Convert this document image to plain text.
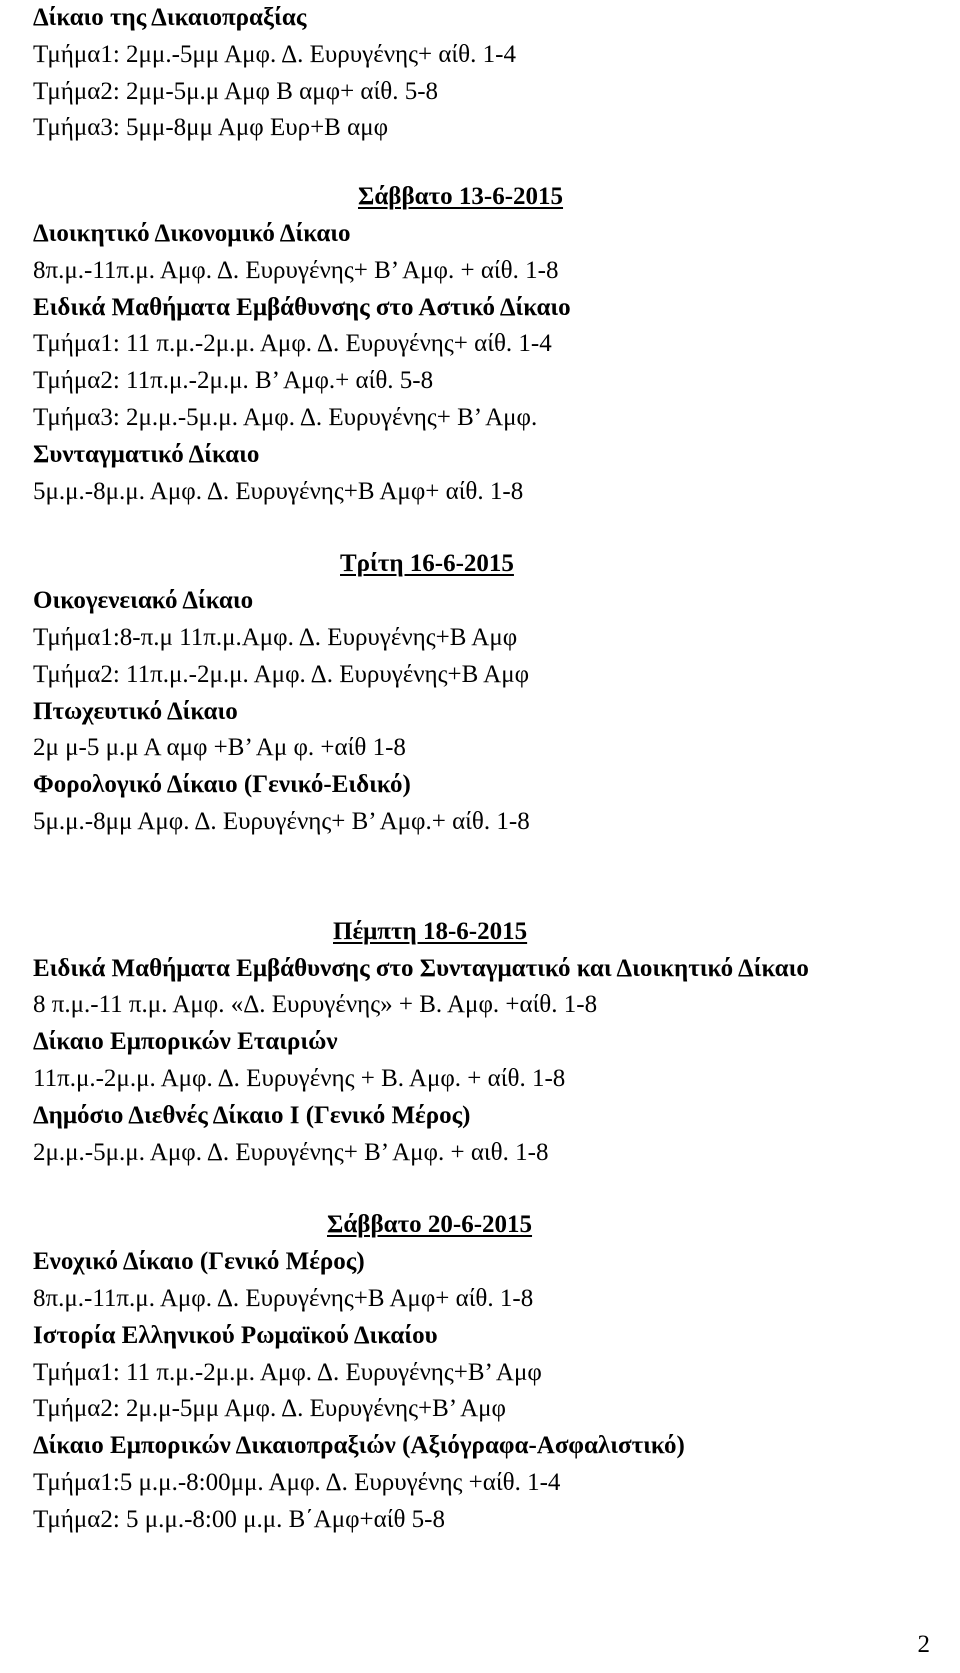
Δίκαιο της Δικαιοπραξίας
Τμήμα1: 2μμ.-5μμ Αμφ. Δ. Ευρυγένης+ αίθ. 1-4
Τμήμα2: 2μμ-5μ.μ Αμφ Β αμφ+ αίθ. 5-8
Τμήμα3: 5μμ-8μμ Αμφ Ευρ+Β αμφ
Σάββατο 13-6-2015
Διοικητικό Δικονομικό Δίκαιο
8π.μ.-11π.μ. Αμφ. Δ. Ευρυγένης+ Β’ Αμφ. + αίθ. 1-8
Ειδικά Μαθήματα Εμβάθυνσης στο Αστικό Δίκαιο
Τμήμα1: 11 π.μ.-2μ.μ. Αμφ. Δ. Ευρυγένης+ αίθ. 1-4
Τμήμα2: 11π.μ.-2μ.μ. Β’ Αμφ.+ αίθ. 5-8
Τμήμα3: 2μ.μ.-5μ.μ. Αμφ. Δ. Ευρυγένης+ Β’ Αμφ.
Συνταγματικό Δίκαιο
5μ.μ.-8μ.μ. Αμφ. Δ. Ευρυγένης+Β Αμφ+ αίθ. 1-8
Τρίτη 16-6-2015
Οικογενειακό Δίκαιο
Τμήμα1:8-π.μ 11π.μ.Αμφ. Δ. Ευρυγένης+Β Αμφ
Τμήμα2: 11π.μ.-2μ.μ. Αμφ. Δ. Ευρυγένης+Β Αμφ
Πτωχευτικό Δίκαιο
2μ μ-5 μ.μ Α αμφ +Β’ Αμ φ. +αίθ 1-8
Φορολογικό Δίκαιο (Γενικό-Ειδικό)
5μ.μ.-8μμ Αμφ. Δ. Ευρυγένης+ Β’ Αμφ.+ αίθ. 1-8
Πέμπτη 18-6-2015
Ειδικά Μαθήματα Εμβάθυνσης στο Συνταγματικό και Διοικητικό Δίκαιο
8 π.μ.-11 π.μ. Αμφ. «Δ. Ευρυγένης» + Β. Αμφ. +αίθ. 1-8
Δίκαιο Εμπορικών Εταιριών
11π.μ.-2μ.μ. Αμφ. Δ. Ευρυγένης + Β. Αμφ. + αίθ. 1-8
Δημόσιο Διεθνές Δίκαιο Ι (Γενικό Μέρος)
2μ.μ.-5μ.μ. Αμφ. Δ. Ευρυγένης+ Β’ Αμφ. + αιθ. 1-8
Σάββατο 20-6-2015
Ενοχικό Δίκαιο (Γενικό Μέρος)
8π.μ.-11π.μ. Αμφ. Δ. Ευρυγένης+Β Αμφ+ αίθ. 1-8
Ιστορία Ελληνικού Ρωμαϊκού Δικαίου
Τμήμα1: 11 π.μ.-2μ.μ. Αμφ. Δ. Ευρυγένης+Β’ Αμφ
Τμήμα2: 2μ.μ-5μμ Αμφ. Δ. Ευρυγένης+Β’ Αμφ
Δίκαιο Εμπορικών Δικαιοπραξιών (Αξιόγραφα-Ασφαλιστικό)
Τμήμα1:5 μ.μ.-8:00μμ. Αμφ. Δ. Ευρυγένης +αίθ. 1-4
Τμήμα2: 5 μ.μ.-8:00 μ.μ. Β΄Αμφ+αίθ 5-8
2
